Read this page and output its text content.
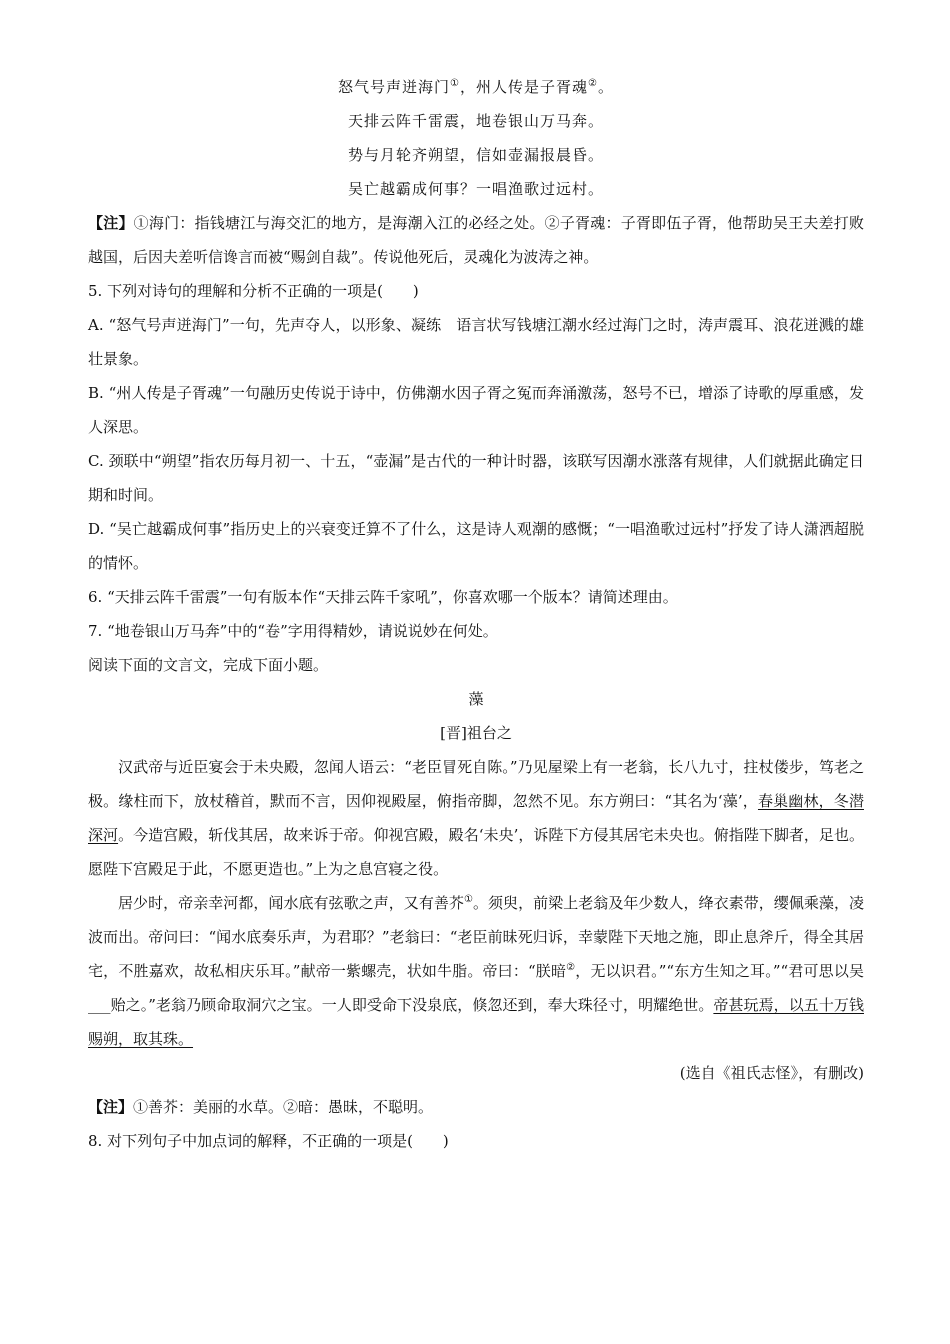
怒气号声迸海门①，州人传是子胥魂②。
天排云阵千雷震，地卷银山万马奔。
势与月轮齐朔望，信如壶漏报晨昏。
吴亡越霸成何事？一唱渔歌过远村。

【注】①海门：指钱塘江与海交汇的地方，是海潮入江的必经之处。②子胥魂：子胥即伍子胥，他帮助吴王夫差打败越国，后因夫差听信谗言而被“赐剑自裁”。传说他死后，灵魂化为波涛之神。

5. 下列对诗句的理解和分析不正确的一项是(　　)

A. “怒气号声迸海门”一句，先声夺人，以形象、凝练　语言状写钱塘江潮水经过海门之时，涛声震耳、浪花迸溅的雄壮景象。

B. “州人传是子胥魂”一句融历史传说于诗中，仿佛潮水因子胥之冤而奔涌激荡，怒号不已，增添了诗歌的厚重感，发人深思。

C. 颈联中“朔望”指农历每月初一、十五，“壶漏”是古代的一种计时器，该联写因潮水涨落有规律，人们就据此确定日期和时间。

D. “吴亡越霸成何事”指历史上的兴衰变迁算不了什么，这是诗人观潮的感慨；“一唱渔歌过远村”抒发了诗人潇洒超脱的情怀。

6. “天排云阵千雷震”一句有版本作“天排云阵千家吼”，你喜欢哪一个版本？请简述理由。

7. “地卷银山万马奔”中的“卷”字用得精妙，请说说妙在何处。

阅读下面的文言文，完成下面小题。

藻

[晋]祖台之

汉武帝与近臣宴会于未央殿，忽闻人语云：“老臣冒死自陈。”乃见屋梁上有一老翁，长八九寸，拄杖偻步，笃老之极。缘柱而下，放杖稽首，默而不言，因仰视殿屋，俯指帝脚，忽然不见。东方朔曰：“其名为‘藻’，春巢幽林，冬潜深河。今造宫殿，斩伐其居，故来诉于帝。仰视宫殿，殿名‘未央’，诉陛下方侵其居宅未央也。俯指陛下脚者，足也。愿陛下宫殿足于此，不愿更造也。”上为之息宫寝之役。

居少时，帝亲幸河都，闻水底有弦歌之声，又有善芥①。须臾，前梁上老翁及年少数人，绛衣素带，缨佩乘藻，凌波而出。帝问曰：“闻水底奏乐声，为君耶？”老翁曰：“老臣前昧死归诉，幸蒙陛下天地之施，即止息斧斤，得全其居宅，不胜嘉欢，故私相庆乐耳。”献帝一紫螺壳，状如牛脂。帝曰：“朕暗②，无以识君。”“东方生知之耳。”“君可思以吴___贻之。”老翁乃顾命取洞穴之宝。一人即受命下没泉底，倏忽还到，奉大珠径寸，明耀绝世。帝甚玩焉，以五十万钱赐朔，取其珠。

(选自《祖氏志怪》，有删改)

【注】①善芥：美丽的水草。②暗：愚昧，不聪明。

8. 对下列句子中加点词的解释，不正确的一项是(　　)
